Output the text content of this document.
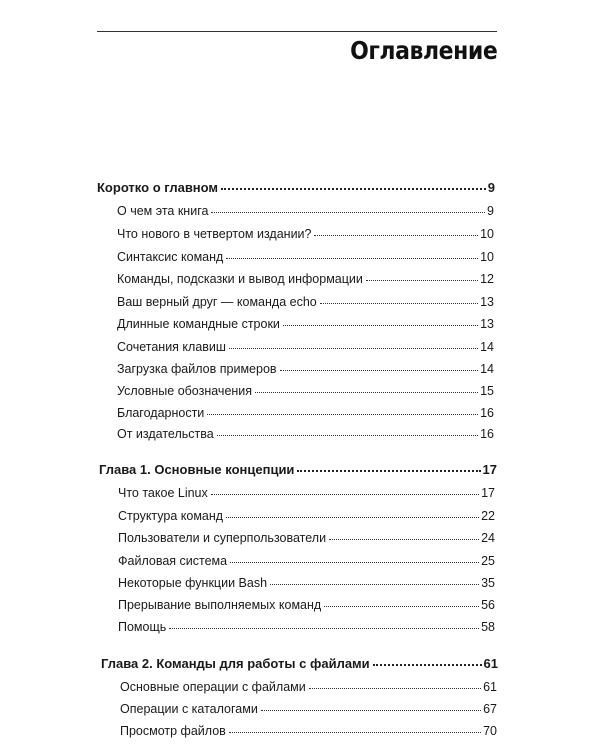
Оглавление
Коротко о главном	9
О чем эта книга	9
Что нового в четвертом издании?	10
Синтаксис команд	10
Команды, подсказки и вывод информации	12
Ваш верный друг — команда echo	13
Длинные командные строки	13
Сочетания клавиш	14
Загрузка файлов примеров	14
Условные обозначения	15
Благодарности	16
От издательства	16
Глава 1. Основные концепции	17
Что такое Linux	17
Структура команд	22
Пользователи и суперпользователи	24
Файловая система	25
Некоторые функции Bash	35
Прерывание выполняемых команд	56
Помощь	58
Глава 2. Команды для работы с файлами	61
Основные операции с файлами	61
Операции с каталогами	67
Просмотр файлов	70
